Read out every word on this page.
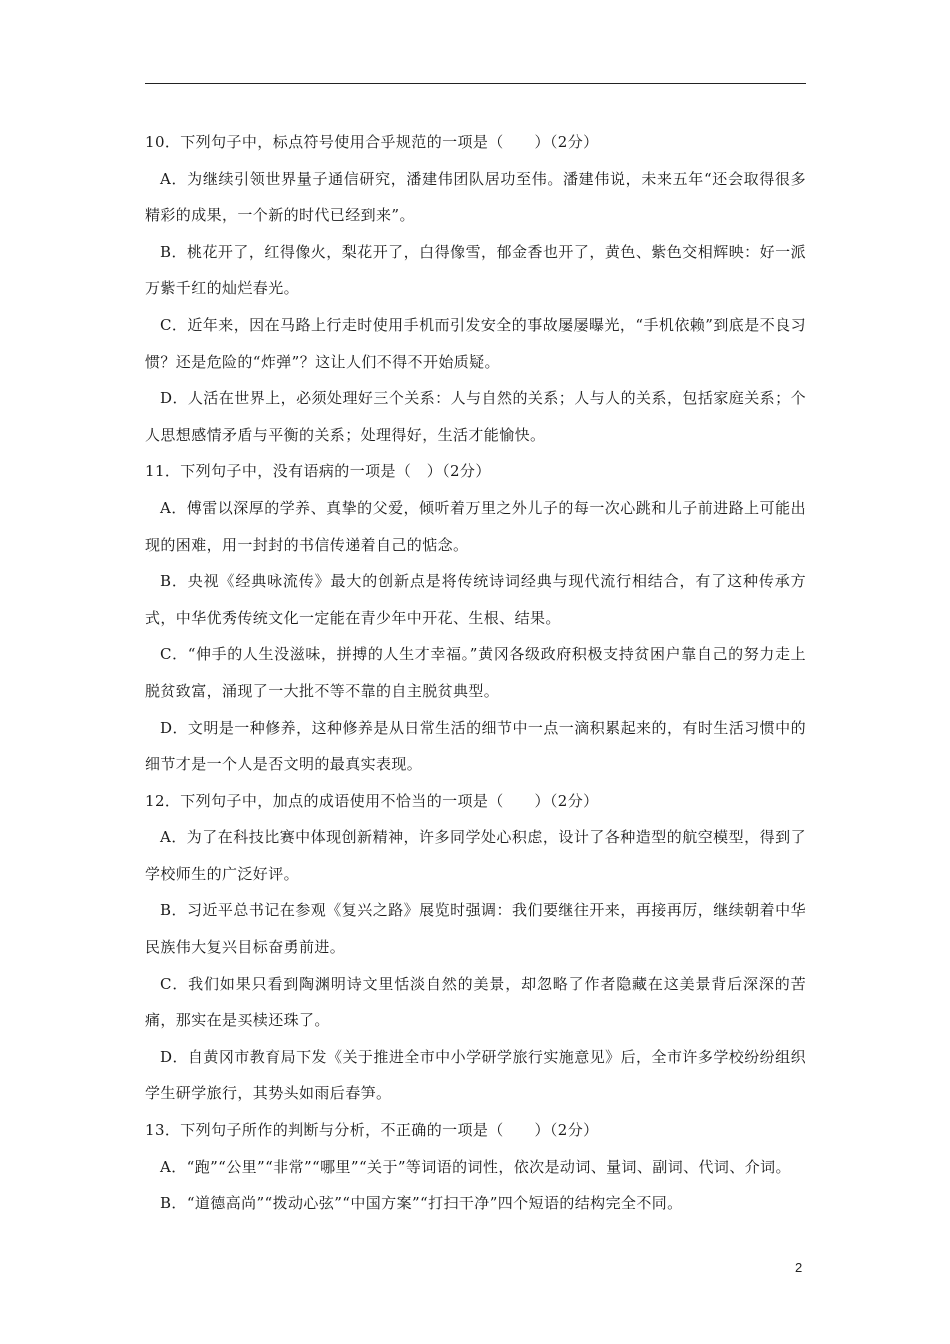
10．下列句子中，标点符号使用合乎规范的一项是（　　）（2分）

A．为继续引领世界量子通信研究，潘建伟团队居功至伟。潘建伟说，未来五年“还会取得很多精彩的成果，一个新的时代已经到来”。

B．桃花开了，红得像火，梨花开了，白得像雪，郁金香也开了，黄色、紫色交相辉映：好一派万紫千红的灿烂春光。

C．近年来，因在马路上行走时使用手机而引发安全的事故屡屡曝光，“手机依赖”到底是不良习惯？还是危险的“炸弹”？这让人们不得不开始质疑。

D．人活在世界上，必须处理好三个关系：人与自然的关系；人与人的关系，包括家庭关系；个人思想感情矛盾与平衡的关系；处理得好，生活才能愉快。

11．下列句子中，没有语病的一项是（　）（2分）

A．傅雷以深厚的学养、真挚的父爱，倾听着万里之外儿子的每一次心跳和儿子前进路上可能出现的困难，用一封封的书信传递着自己的惦念。

B．央视《经典咏流传》最大的创新点是将传统诗词经典与现代流行相结合，有了这种传承方式，中华优秀传统文化一定能在青少年中开花、生根、结果。

C．“伸手的人生没滋味，拼搏的人生才幸福。”黄冈各级政府积极支持贫困户靠自己的努力走上脱贫致富，涌现了一大批不等不靠的自主脱贫典型。

D．文明是一种修养，这种修养是从日常生活的细节中一点一滴积累起来的，有时生活习惯中的细节才是一个人是否文明的最真实表现。

12．下列句子中，加点的成语使用不恰当的一项是（　　）（2分）

A．为了在科技比赛中体现创新精神，许多同学处心积虑，设计了各种造型的航空模型，得到了学校师生的广泛好评。

B．习近平总书记在参观《复兴之路》展览时强调：我们要继往开来，再接再厉，继续朝着中华民族伟大复兴目标奋勇前进。

C．我们如果只看到陶渊明诗文里恬淡自然的美景，却忽略了作者隐藏在这美景背后深深的苦痛，那实在是买椟还珠了。

D．自黄冈市教育局下发《关于推进全市中小学研学旅行实施意见》后，全市许多学校纷纷组织学生研学旅行，其势头如雨后春笋。

13．下列句子所作的判断与分析，不正确的一项是（　　）（2分）

A．“跑”“公里”“非常”“哪里”“关于”等词语的词性，依次是动词、量词、副词、代词、介词。

B．“道德高尚”“拨动心弦”“中国方案”“打扫干净”四个短语的结构完全不同。

2
